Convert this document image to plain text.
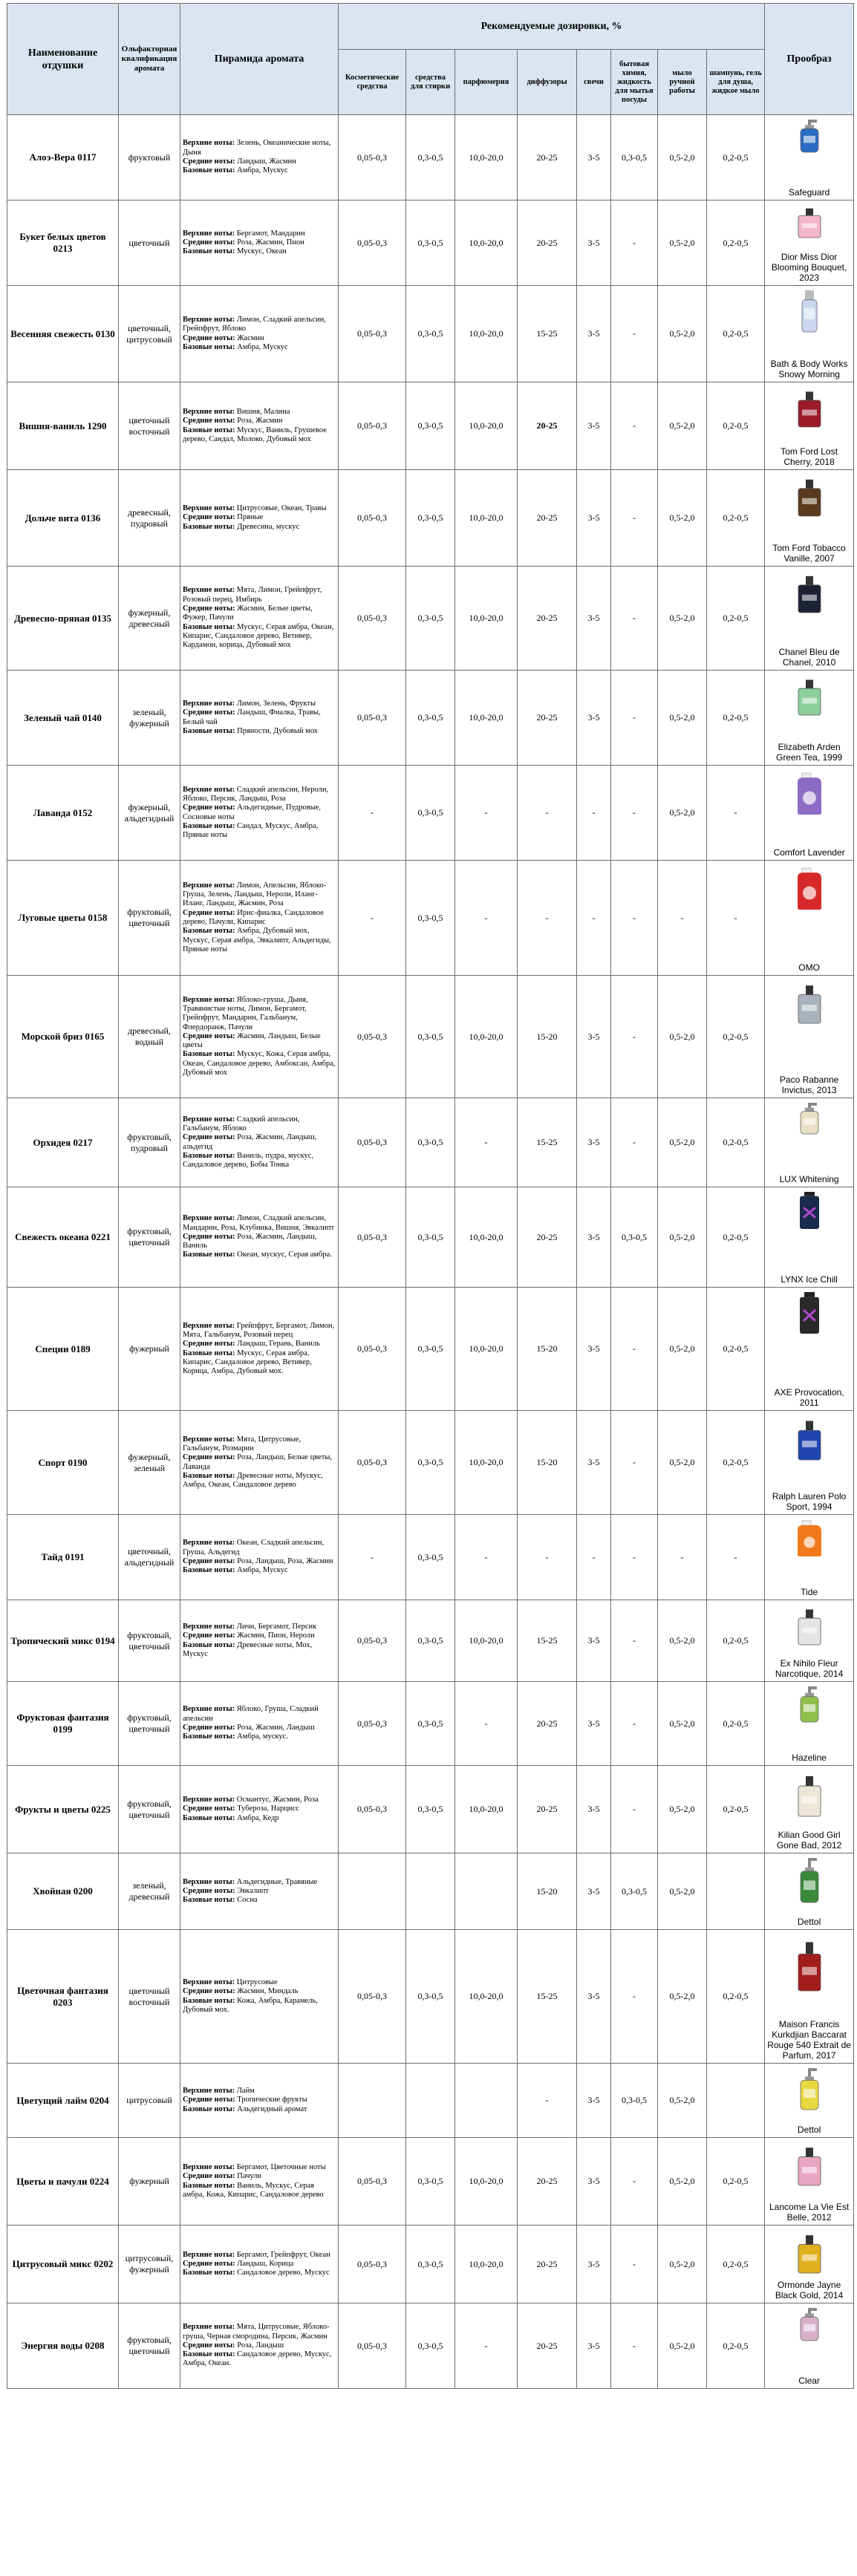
Наименование отдушки	Ольфакторная квалификация аромата	Пирамида аромата	Рекомендуемые дозировки, %								Прообраз
			Косметические средства	средства для стирки	парфюмерия	диффузоры	свечи	бытовая химия, жидкость для мытья посуды	мыло ручной работы	шампунь, гель для душа, жидкое мыло	
Алоэ-Вера 0117	фруктовый	Верхние ноты: Зелень, Океанические ноты, Дыня
Средние ноты: Ландыш, Жасмин
Базовые ноты: Амбра, Мускус	0,05-0,3	0,3-0,5	10,0-20,0	20-25	3-5	0,3-0,5	0,5-2,0	0,2-0,5	Safeguard

Букет белых цветов 0213	цветочный	Верхние ноты: Бергамот, Мандарин
Средние ноты: Роза, Жасмин, Пион
Базовые ноты: Мускус, Океан	0,05-0,3	0,3-0,5	10,0-20,0	20-25	3-5	-	0,5-2,0	0,2-0,5	Dior Miss Dior Blooming Bouquet, 2023

Весенняя свежесть 0130	цветочный, цитрусовый	Верхние ноты: Лимон, Сладкий апельсин, Грейпфрут, Яблоко
Средние ноты: Жасмин
Базовые ноты: Амбра, Мускус	0,05-0,3	0,3-0,5	10,0-20,0	15-25	3-5	-	0,5-2,0	0,2-0,5	Bath & Body Works Snowy Morning

Вишня-ваниль 1290	цветочный восточный	Верхние ноты: Вишня, Малина
Средние ноты: Роза, Жасмин
Базовые ноты: Мускус, Ваниль, Грушевое дерево, Сандал, Молоко, Дубовый мох	0,05-0,3	0,3-0,5	10,0-20,0	20-25	3-5	-	0,5-2,0	0,2-0,5	Tom Ford Lost Cherry, 2018

Дольче вита 0136	древесный, пудровый	Верхние ноты: Цитрусовые, Океан, Травы
Средние ноты: Пряные
Базовые ноты: Древесина, мускус	0,05-0,3	0,3-0,5	10,0-20,0	20-25	3-5	-	0,5-2,0	0,2-0,5	Tom Ford Tobacco Vanille, 2007

Древесно-пряная 0135	фужерный, древесный	Верхние ноты: Мята, Лимон, Грейпфрут, Розовый перец, Имбирь
Средние ноты: Жасмин, Белые цветы, Фужер, Пачули
Базовые ноты: Мускус, Серая амбра, Океан, Кипарис, Сандаловое дерево, Ветивер, Кардамон, корица, Дубовый мох	0,05-0,3	0,3-0,5	10,0-20,0	20-25	3-5	-	0,5-2,0	0,2-0,5	Chanel Bleu de Chanel, 2010

Зеленый чай 0140	зеленый, фужерный	Верхние ноты: Лимон, Зелень, Фрукты
Средние ноты: Ландыш, Фиалка, Травы, Белый чай
Базовые ноты: Пряности, Дубовый мох	0,05-0,3	0,3-0,5	10,0-20,0	20-25	3-5	-	0,5-2,0	0,2-0,5	Elizabeth Arden Green Tea, 1999

Лаванда 0152	фужерный, альдегидный	Верхние ноты: Сладкий апельсин, Нероли, Яблоко, Персик, Ландыш, Роза
Средние ноты: Альдегидные, Пудровые, Сосновые ноты
Базовые ноты: Сандал, Мускус, Амбра, Пряные ноты	-	0,3-0,5	-	-	-	-	0,5-2,0	-	Comfort Lavender

Луговые цветы 0158	фруктовый, цветочный	Верхние ноты: Лимон, Апельсин, Яблоко-Груша, Зелень, Ландыш, Нероли, Иланг-Иланг, Ландыш, Жасмин, Роза
Средние ноты: Ирис-фиалка, Сандаловое дерево, Пачули, Кипарис
Базовые ноты: Амбра, Дубовый мох, Мускус, Серая амбра, Эвкалипт, Альдегиды, Пряные ноты	-	0,3-0,5	-	-	-	-	-	-	OMO

Морской бриз 0165	древесный, водный	Верхние ноты: Яблоко-груша, Дыня, Травянистые ноты, Лимон, Бергамот, Грейпфрут, Мандарин, Гальбанум, Флердоранж, Пачули
Средние ноты: Жасмин, Ландыш, Белые цветы
Базовые ноты: Мускус, Кожа, Серая амбра, Океан, Сандаловое дерево, Амбоксан, Амбра, Дубовый мох	0,05-0,3	0,3-0,5	10,0-20,0	15-20	3-5	-	0,5-2,0	0,2-0,5	Paco Rabanne Invictus, 2013

Орхидея 0217	фруктовый, пудровый	Верхние ноты: Сладкий апельсин, Гальбанум, Яблоко
Средние ноты: Роза, Жасмин, Ландыш, альдегид
Базовые ноты: Ваниль, пудра, мускус, Сандаловое дерево, Бобы Тонка	0,05-0,3	0,3-0,5	-	15-25	3-5	-	0,5-2,0	0,2-0,5	LUX Whitening

Свежесть океана 0221	фруктовый, цветочный	Верхние ноты: Лимон, Сладкий апельсин, Мандарин, Роза, Клубника, Вишня, Эвкалипт
Средние ноты: Роза, Жасмин, Ландыш, Ваниль
Базовые ноты: Океан, мускус, Серая амбра.	0,05-0,3	0,3-0,5	10,0-20,0	20-25	3-5	0,3-0,5	0,5-2,0	0,2-0,5	LYNX Ice Chill

Специи 0189	фужерный	Верхние ноты: Грейпфрут, Бергамот, Лимон, Мята, Гальбанум, Розовый перец
Средние ноты: Ландыш, Герань, Ваниль
Базовые ноты: Мускус, Серая амбра, Кипарис, Сандаловое дерево, Ветивер, Корица, Амбра, Дубовый мох.	0,05-0,3	0,3-0,5	10,0-20,0	15-20	3-5	-	0,5-2,0	0,2-0,5	AXE Provocation, 2011

Спорт 0190	фужерный, зеленый	Верхние ноты: Мята, Цитрусовые, Гальбанум, Розмарин
Средние ноты: Роза, Ландыш, Белые цветы, Лаванда
Базовые ноты: Древесные ноты, Мускус, Амбра, Океан, Сандаловое дерево	0,05-0,3	0,3-0,5	10,0-20,0	15-20	3-5	-	0,5-2,0	0,2-0,5	Ralph Lauren Polo Sport, 1994

Тайд 0191	цветочный, альдегидный	Верхние ноты: Океан, Сладкий апельсин, Груша, Альдегид
Средние ноты: Роза, Ландыш, Роза, Жасмин
Базовые ноты: Амбра, Мускус	-	0,3-0,5	-	-	-	-	-	-	Tide

Тропический микс 0194	фруктовый, цветочный	Верхние ноты: Личи, Бергамот, Персик
Средние ноты: Жасмин, Пион, Нероли
Базовые ноты: Древесные ноты, Мох, Мускус	0,05-0,3	0,3-0,5	10,0-20,0	15-25	3-5	-	0,5-2,0	0,2-0,5	Ex Nihilo Fleur Narcotique, 2014

Фруктовая фантазия 0199	фруктовый, цветочный	Верхние ноты: Яблоко, Груша, Сладкий апельсин
Средние ноты: Роза, Жасмин, Ландыш
Базовые ноты: Амбра, мускус.	0,05-0,3	0,3-0,5	-	20-25	3-5	-	0,5-2,0	0,2-0,5	Hazeline

Фрукты и цветы 0225	фруктовый, цветочный	Верхние ноты: Османтус, Жасмин, Роза
Средние ноты: Тубероза, Нарцисс
Базовые ноты: Амбра, Кедр	0,05-0,3	0,3-0,5	10,0-20,0	20-25	3-5	-	0,5-2,0	0,2-0,5	Kilian Good Girl Gone Bad, 2012

Хвойная 0200	зеленый, древесный	Верхние ноты: Альдегидные, Травяные
Средние ноты: Эвкалипт
Базовые ноты: Сосна				15-20	3-5	0,3-0,5	0,5-2,0		Dettol

Цветочная фантазия 0203	цветочный восточный	Верхние ноты: Цитрусовые
Средние ноты: Жасмин, Миндаль
Базовые ноты: Кожа, Амбра, Карамель, Дубовый мох.	0,05-0,3	0,3-0,5	10,0-20,0	15-25	3-5	-	0,5-2,0	0,2-0,5	Maison Francis Kurkdjian Baccarat Rouge 540 Extrait de Parfum, 2017

Цветущий лайм 0204	цитрусовый	Верхние ноты: Лайм
Средние ноты: Тропические фрукты
Базовые ноты: Альдегидный аромат				-	3-5	0,3-0,5	0,5-2,0		Dettol

Цветы и пачули 0224	фужерный	Верхние ноты: Бергамот, Цветочные ноты
Средние ноты: Пачули
Базовые ноты: Ваниль, Мускус, Серая амбра, Кожа, Кипарис, Сандаловое дерево	0,05-0,3	0,3-0,5	10,0-20,0	20-25	3-5	-	0,5-2,0	0,2-0,5	Lancome La Vie Est Belle, 2012

Цитрусовый микс 0202	цитрусовый, фужерный	Верхние ноты: Бергамот, Грейпфрут, Океан
Средние ноты: Ландыш, Корица
Базовые ноты: Сандаловое дерево, Мускус	0,05-0,3	0,3-0,5	10,0-20,0	20-25	3-5	-	0,5-2,0	0,2-0,5	Ormonde Jayne Black Gold, 2014

Энергия воды 0208	фруктовый, цветочный	Верхние ноты: Мята, Цитрусовые, Яблоко-груша, Черная смородина, Персик, Жасмин
Средние ноты: Роза, Ландыш
Базовые ноты: Сандаловое дерево, Мускус, Амбра, Океан.	0,05-0,3	0,3-0,5	-	20-25	3-5	-	0,5-2,0	0,2-0,5	Clear
